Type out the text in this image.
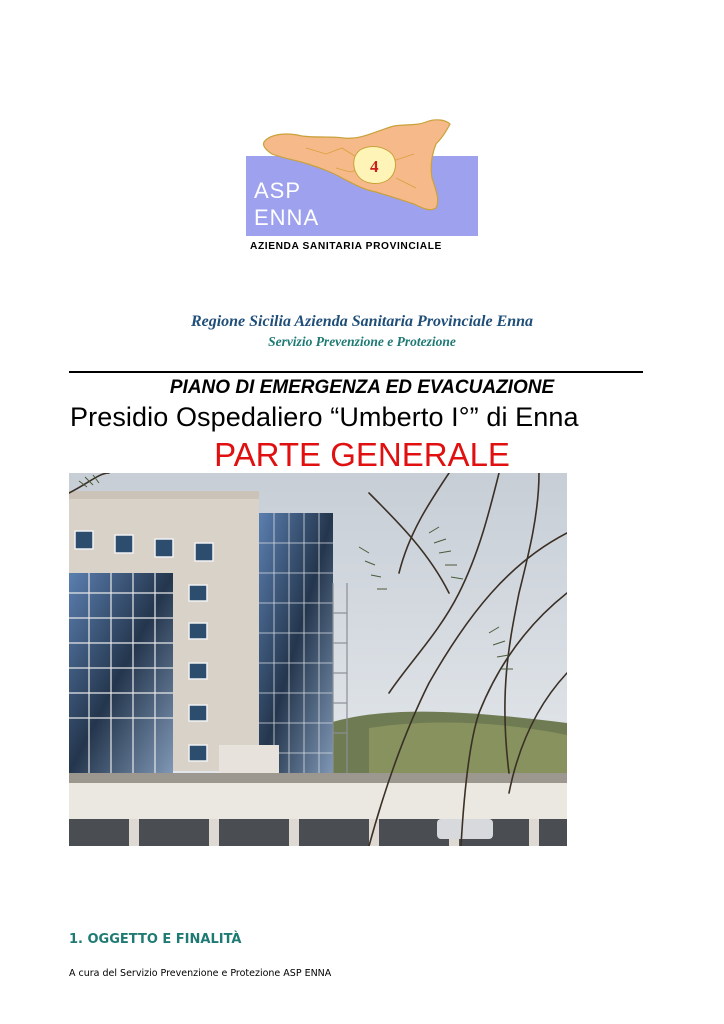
4
ASP
ENNA
AZIENDA SANITARIA PROVINCIALE
Regione Sicilia Azienda Sanitaria Provinciale Enna
Servizio Prevenzione e Protezione
PIANO DI EMERGENZA ED EVACUAZIONE
Presidio Ospedaliero “Umberto I°” di Enna
PARTE GENERALE
1. OGGETTO E FINALITÀ
A cura del Servizio Prevenzione e Protezione ASP ENNA
